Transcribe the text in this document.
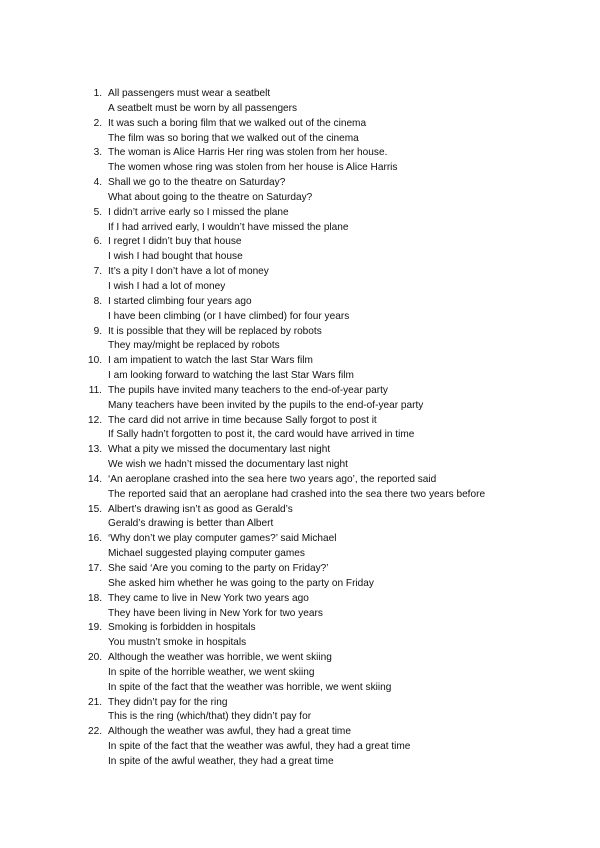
1. All passengers must wear a seatbelt
A seatbelt must be worn by all passengers
2. It was such a boring film that we walked out of the cinema
The film was so boring that we walked out of the cinema
3. The woman is Alice Harris Her ring was stolen from her house.
The women whose ring was stolen from her house is Alice Harris
4. Shall we go to the theatre on Saturday?
What about going to the theatre on Saturday?
5. I didn’t arrive early so I missed the plane
If I had arrived early, I wouldn’t have missed the plane
6. I regret I didn’t buy that house
I wish I had bought that house
7. It’s a pity I don’t have a lot of money
I wish I had a lot of money
8. I started climbing four years ago
I have been climbing (or I have climbed) for four years
9. It is possible that they will be replaced by robots
They may/might be replaced by robots
10. I am impatient to watch the last Star Wars film
I am looking forward to watching the last Star Wars film
11. The pupils have invited many teachers to the end-of-year party
Many teachers have been invited by the pupils to the end-of-year party
12. The card did not arrive in time because Sally forgot to post it
If Sally hadn’t forgotten to post it, the card would have arrived in time
13. What a pity we missed the documentary last night
We wish we hadn’t missed the documentary last night
14. ‘An aeroplane crashed into the sea here two years ago’, the reported said
The reported said that an aeroplane had crashed into the sea there two years before
15. Albert’s drawing isn’t as good as Gerald’s
Gerald’s drawing is better than Albert
16. ‘Why don’t we play computer games?’ said Michael
Michael suggested playing computer games
17. She said ‘Are you coming to the party on Friday?’
She asked him whether he was going to the party on Friday
18. They came to live in New York two years ago
They have been living in New York for two years
19. Smoking is forbidden in hospitals
You mustn’t smoke in hospitals
20. Although the weather was horrible, we went skiing
In spite of the horrible weather, we went skiing
In spite of the fact that the weather was horrible, we went skiing
21. They didn’t pay for the ring
This is the ring (which/that) they didn’t pay for
22. Although the weather was awful, they had a great time
In spite of the fact that the weather was awful, they had a great time
In spite of the awful weather, they had a great time
